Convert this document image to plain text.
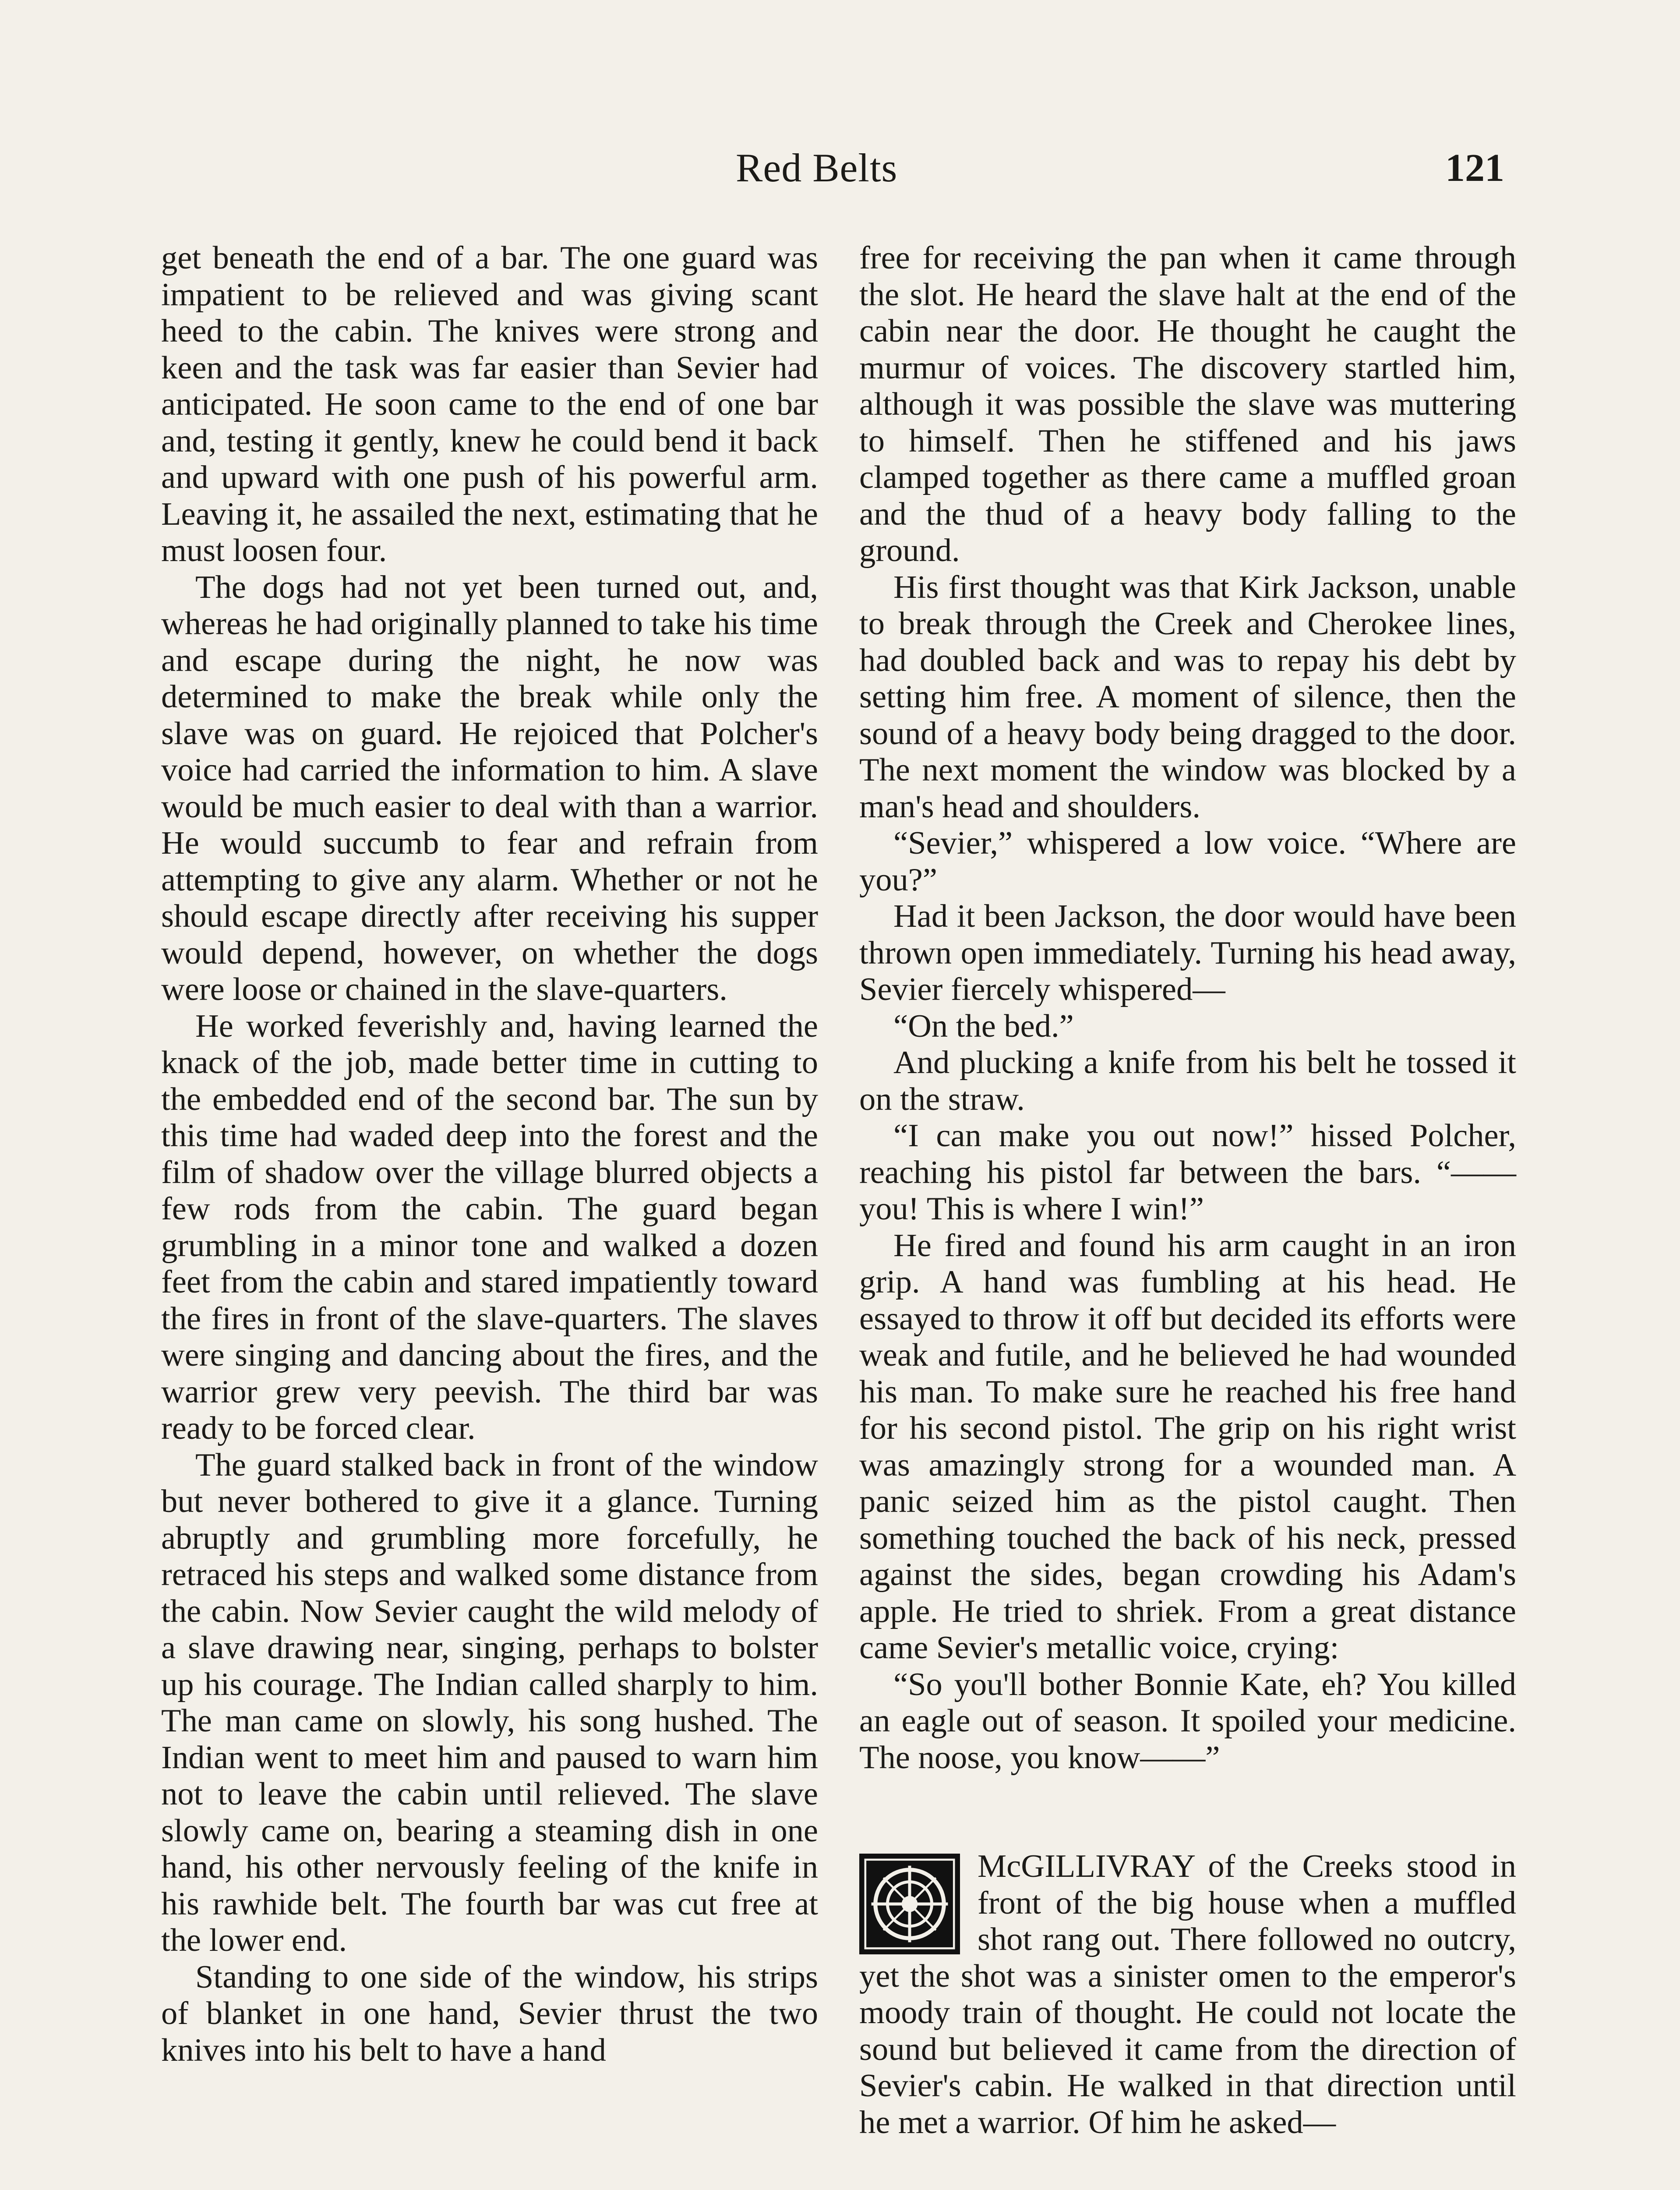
Red Belts	121

get beneath the end of a bar. The one guard was impatient to be relieved and was giving scant heed to the cabin. The knives were strong and keen and the task was far easier than Sevier had anticipated. He soon came to the end of one bar and, testing it gently, knew he could bend it back and upward with one push of his powerful arm. Leaving it, he assailed the next, estimating that he must loosen four.

The dogs had not yet been turned out, and, whereas he had originally planned to take his time and escape during the night, he now was determined to make the break while only the slave was on guard. He rejoiced that Polcher's voice had carried the information to him. A slave would be much easier to deal with than a warrior. He would succumb to fear and refrain from attempting to give any alarm. Whether or not he should escape directly after receiving his supper would depend, however, on whether the dogs were loose or chained in the slave-quarters.

He worked feverishly and, having learned the knack of the job, made better time in cutting to the embedded end of the second bar. The sun by this time had waded deep into the forest and the film of shadow over the village blurred objects a few rods from the cabin. The guard began grumbling in a minor tone and walked a dozen feet from the cabin and stared impatiently toward the fires in front of the slave-quarters. The slaves were singing and dancing about the fires, and the warrior grew very peevish. The third bar was ready to be forced clear.

The guard stalked back in front of the window but never bothered to give it a glance. Turning abruptly and grumbling more forcefully, he retraced his steps and walked some distance from the cabin. Now Sevier caught the wild melody of a slave drawing near, singing, perhaps to bolster up his courage. The Indian called sharply to him. The man came on slowly, his song hushed. The Indian went to meet him and paused to warn him not to leave the cabin until relieved. The slave slowly came on, bearing a steaming dish in one hand, his other nervously feeling of the knife in his rawhide belt. The fourth bar was cut free at the lower end.

Standing to one side of the window, his strips of blanket in one hand, Sevier thrust the two knives into his belt to have a hand

free for receiving the pan when it came through the slot. He heard the slave halt at the end of the cabin near the door. He thought he caught the murmur of voices. The discovery startled him, although it was possible the slave was muttering to himself. Then he stiffened and his jaws clamped together as there came a muffled groan and the thud of a heavy body falling to the ground.

His first thought was that Kirk Jackson, unable to break through the Creek and Cherokee lines, had doubled back and was to repay his debt by setting him free. A moment of silence, then the sound of a heavy body being dragged to the door. The next moment the window was blocked by a man's head and shoulders.

“Sevier,” whispered a low voice. “Where are you?”

Had it been Jackson, the door would have been thrown open immediately. Turning his head away, Sevier fiercely whispered—

“On the bed.”

And plucking a knife from his belt he tossed it on the straw.

“I can make you out now!” hissed Polcher, reaching his pistol far between the bars. “—— you! This is where I win!”

He fired and found his arm caught in an iron grip. A hand was fumbling at his head. He essayed to throw it off but decided its efforts were weak and futile, and he believed he had wounded his man. To make sure he reached his free hand for his second pistol. The grip on his right wrist was amazingly strong for a wounded man. A panic seized him as the pistol caught. Then something touched the back of his neck, pressed against the sides, began crowding his Adam's apple. He tried to shriek. From a great distance came Sevier's metallic voice, crying:

“So you'll bother Bonnie Kate, eh? You killed an eagle out of season. It spoiled your medicine. The noose, you know——”

McGILLIVRAY of the Creeks stood in front of the big house when a muffled shot rang out. There followed no outcry, yet the shot was a sinister omen to the emperor's moody train of thought. He could not locate the sound but believed it came from the direction of Sevier's cabin. He walked in that direction until he met a warrior. Of him he asked—
